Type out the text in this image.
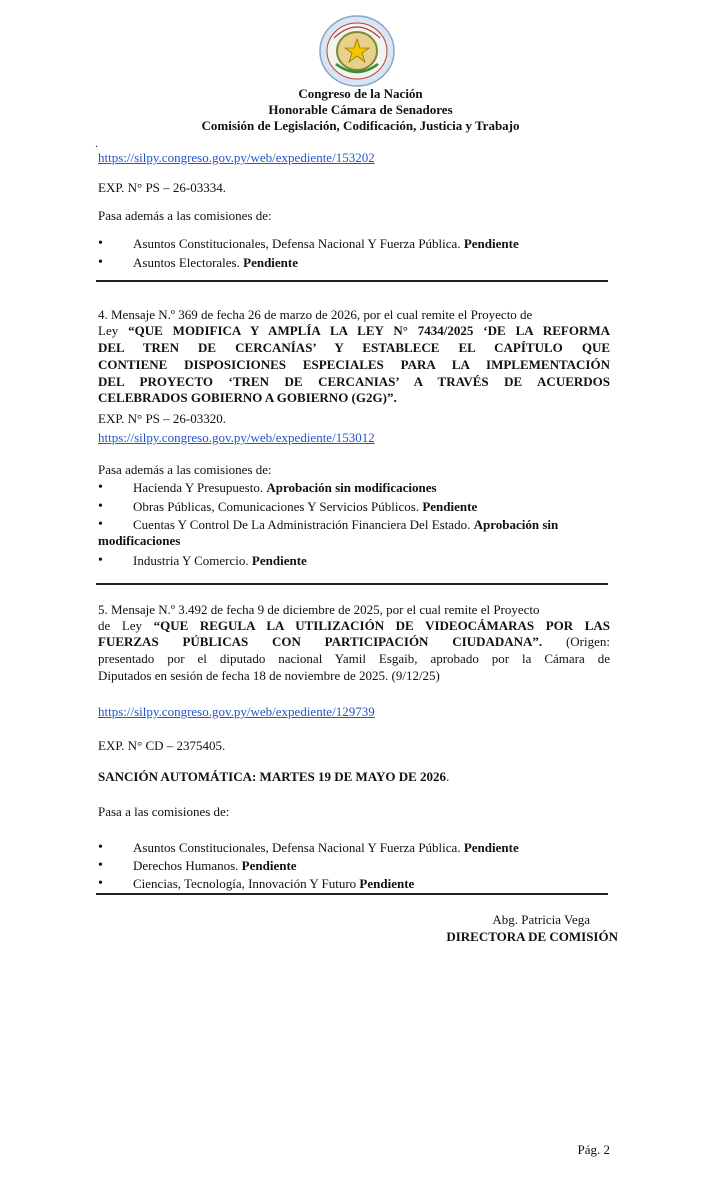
Congreso de la Nación
Honorable Cámara de Senadores
Comisión de Legislación, Codificación, Justicia y Trabajo
.
https://silpy.congreso.gov.py/web/expediente/153202
EXP. N° PS – 26-03334.
Pasa además a las comisiones de:
•	Asuntos Constitucionales, Defensa Nacional Y Fuerza Pública. Pendiente
•	Asuntos Electorales. Pendiente
4. Mensaje N.º 369 de fecha 26 de marzo de 2026, por el cual remite el Proyecto de
Ley “QUE MODIFICA Y AMPLÍA LA LEY N° 7434/2025 ‘DE LA REFORMA
DEL TREN DE CERCANÍAS’ Y ESTABLECE EL CAPÍTULO QUE
CONTIENE DISPOSICIONES ESPECIALES PARA LA IMPLEMENTACIÓN
DEL PROYECTO ‘TREN DE CERCANIAS’ A TRAVÉS DE ACUERDOS
CELEBRADOS GOBIERNO A GOBIERNO (G2G)”.
EXP. N° PS – 26-03320.
https://silpy.congreso.gov.py/web/expediente/153012
Pasa además a las comisiones de:
•	Hacienda Y Presupuesto. Aprobación sin modificaciones
•	Obras Públicas, Comunicaciones Y Servicios Públicos. Pendiente
•	Cuentas Y Control De La Administración Financiera Del Estado. Aprobación sin
modificaciones
•	Industria Y Comercio. Pendiente
5. Mensaje N.º 3.492 de fecha 9 de diciembre de 2025, por el cual remite el Proyecto
de Ley “QUE REGULA LA UTILIZACIÓN DE VIDEOCÁMARAS POR LAS
FUERZAS PÚBLICAS CON PARTICIPACIÓN CIUDADANA”. (Origen:
presentado por el diputado nacional Yamil Esgaib, aprobado por la Cámara de
Diputados en sesión de fecha 18 de noviembre de 2025. (9/12/25)
https://silpy.congreso.gov.py/web/expediente/129739
EXP. N° CD – 2375405.
SANCIÓN AUTOMÁTICA: MARTES 19 DE MAYO DE 2026.
Pasa a las comisiones de:
•	Asuntos Constitucionales, Defensa Nacional Y Fuerza Pública. Pendiente
•	Derechos Humanos. Pendiente
•	Ciencias, Tecnología, Innovación Y Futuro Pendiente
Abg. Patricia Vega
DIRECTORA DE COMISIÓN
Pág. 2
